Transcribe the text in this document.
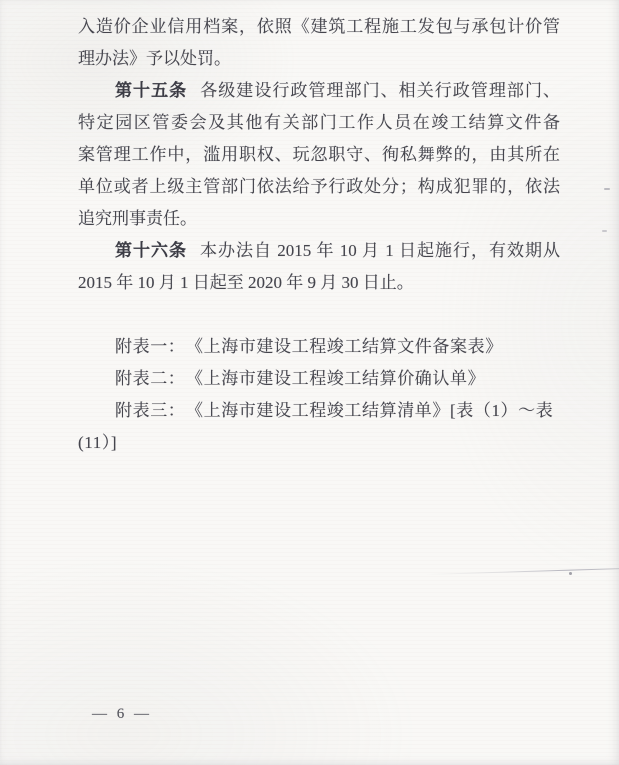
入造价企业信用档案，依照《建筑工程施工发包与承包计价管
理办法》予以处罚。
第十五条 各级建设行政管理部门、相关行政管理部门、
特定园区管委会及其他有关部门工作人员在竣工结算文件备
案管理工作中，滥用职权、玩忽职守、徇私舞弊的，由其所在
单位或者上级主管部门依法给予行政处分；构成犯罪的，依法
追究刑事责任。
第十六条 本办法自 2015 年 10 月 1 日起施行，有效期从
2015 年 10 月 1 日起至 2020 年 9 月 30 日止。
附表一：　《上海市建设工程竣工结算文件备案表》
附表二：　《上海市建设工程竣工结算价确认单》
附表三：　《上海市建设工程竣工结算清单》[表（1）～表
(11）]
— 6 —
